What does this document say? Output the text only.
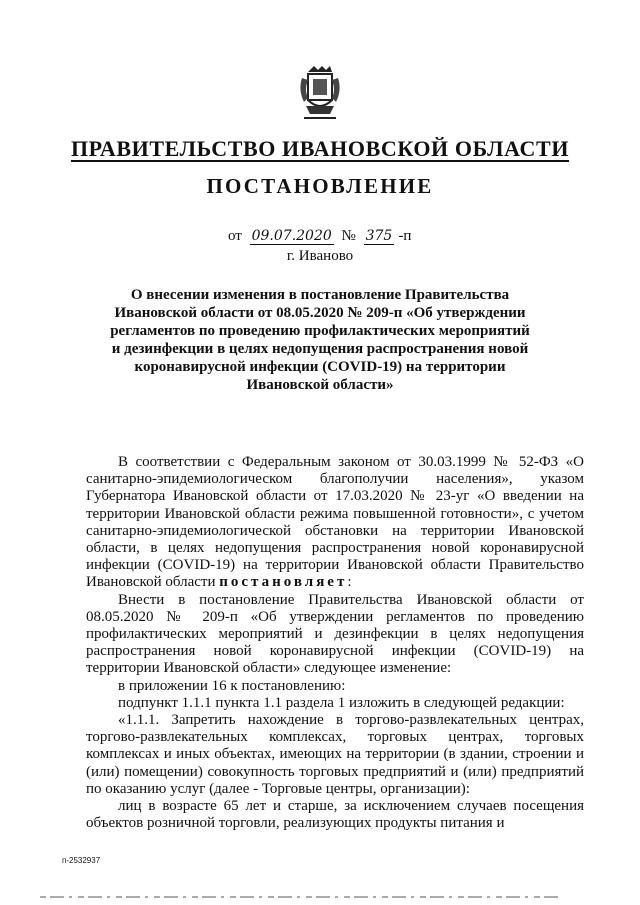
ПРАВИТЕЛЬСТВО ИВАНОВСКОЙ ОБЛАСТИ
ПОСТАНОВЛЕНИЕ
от 09.07.2020 № 375 -п
г. Иваново
О внесении изменения в постановление Правительства Ивановской области от 08.05.2020 № 209-п «Об утверждении регламентов по проведению профилактических мероприятий и дезинфекции в целях недопущения распространения новой коронавирусной инфекции (COVID-19) на территории Ивановской области»

В соответствии с Федеральным законом от 30.03.1999 № 52-ФЗ «О санитарно-эпидемиологическом благополучии населения», указом Губернатора Ивановской области от 17.03.2020 № 23-уг «О введении на территории Ивановской области режима повышенной готовности», с учетом санитарно-эпидемиологической обстановки на территории Ивановской области, в целях недопущения распространения новой коронавирусной инфекции (COVID-19) на территории Ивановской области Правительство Ивановской области постановляет:

Внести в постановление Правительства Ивановской области от 08.05.2020 № 209-п «Об утверждении регламентов по проведению профилактических мероприятий и дезинфекции в целях недопущения распространения новой коронавирусной инфекции (COVID-19) на территории Ивановской области» следующее изменение:

в приложении 16 к постановлению:

подпункт 1.1.1 пункта 1.1 раздела 1 изложить в следующей редакции:

«1.1.1. Запретить нахождение в торгово-развлекательных центрах, торгово-развлекательных комплексах, торговых центрах, торговых комплексах и иных объектах, имеющих на территории (в здании, строении и (или) помещении) совокупность торговых предприятий и (или) предприятий по оказанию услуг (далее - Торговые центры, организации):

лиц в возрасте 65 лет и старше, за исключением случаев посещения объектов розничной торговли, реализующих продукты питания и

п-2532937
